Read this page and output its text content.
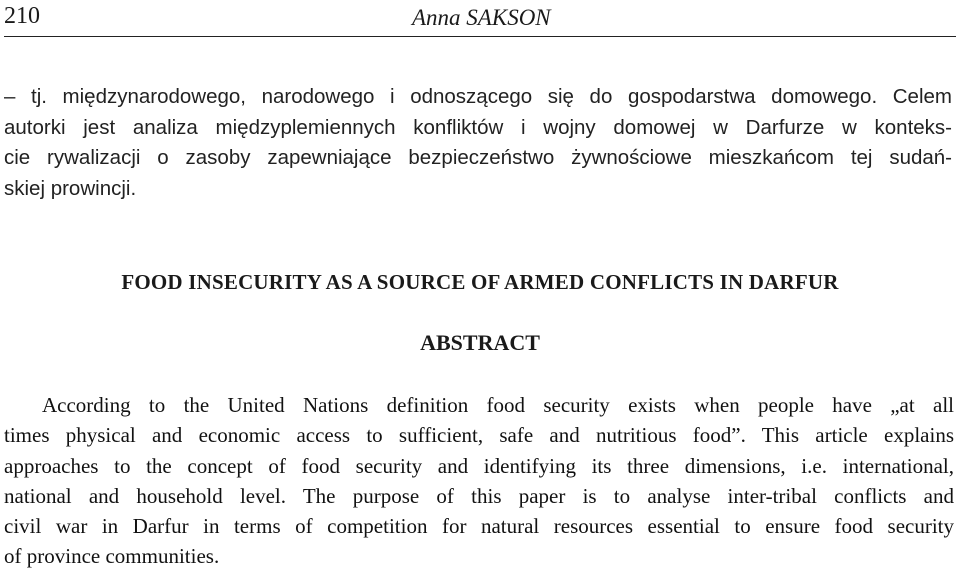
210	Anna SAKSON
– tj. międzynarodowego, narodowego i odnoszącego się do gospodarstwa domowego. Celem
autorki jest analiza międzyplemiennych konfliktów i wojny domowej w Darfurze w konteks-
cie rywalizacji o zasoby zapewniające bezpieczeństwo żywnościowe mieszkańcom tej sudań-
skiej prowincji.
FOOD INSECURITY AS A SOURCE OF ARMED CONFLICTS IN DARFUR
ABSTRACT
According to the United Nations definition food security exists when people have „at all
times physical and economic access to sufficient, safe and nutritious food”. This article explains
approaches to the concept of food security and identifying its three dimensions, i.e. international,
national and household level. The purpose of this paper is to analyse inter-tribal conflicts and
civil war in Darfur in terms of competition for natural resources essential to ensure food security
of province communities.
